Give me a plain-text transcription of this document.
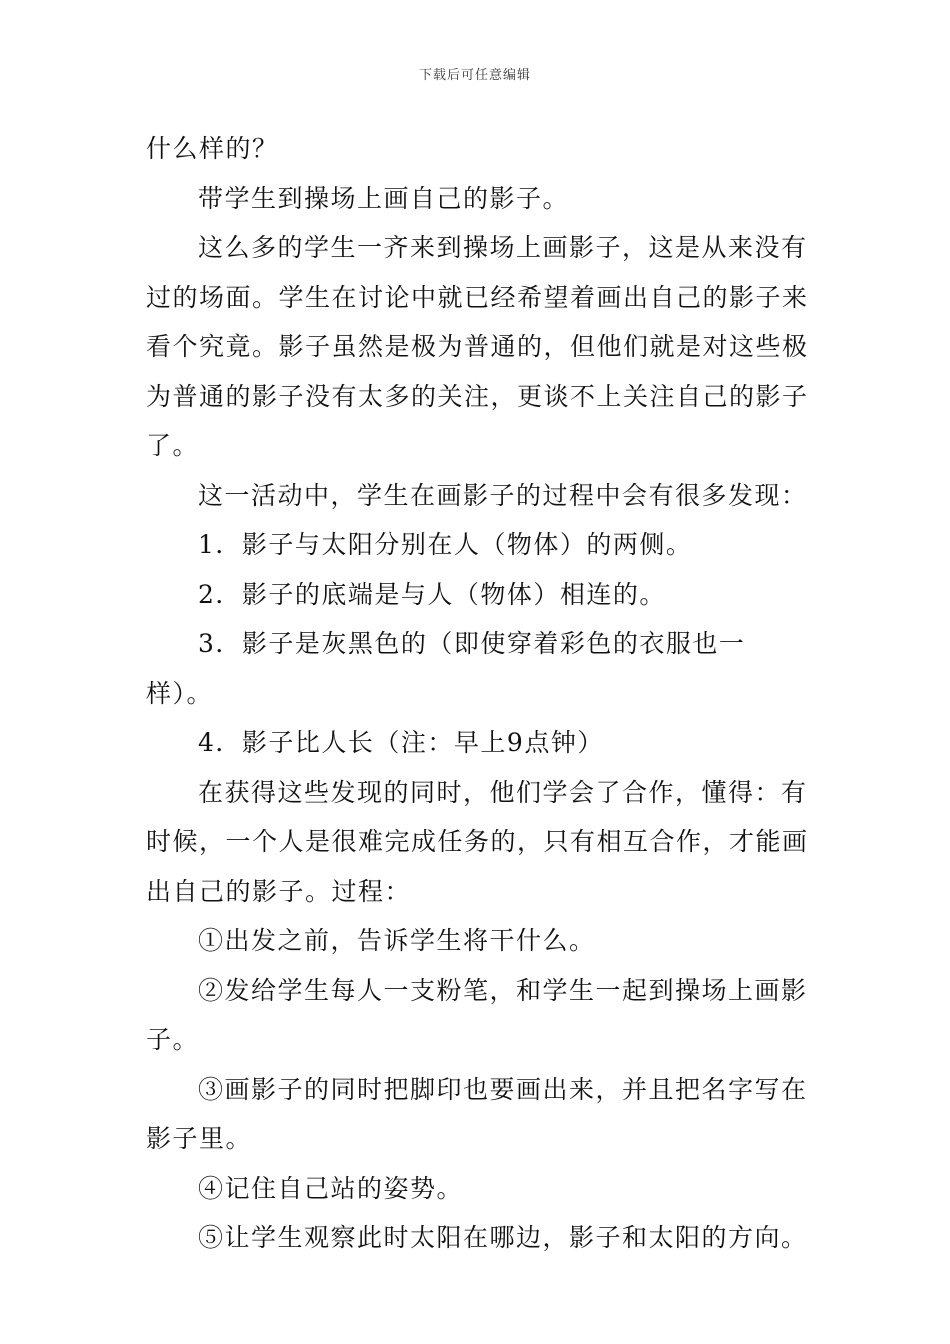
下载后可任意编辑

什么样的？

带学生到操场上画自己的影子。

这么多的学生一齐来到操场上画影子，这是从来没有过的场面。学生在讨论中就已经希望着画出自己的影子来看个究竟。影子虽然是极为普通的，但他们就是对这些极为普通的影子没有太多的关注，更谈不上关注自己的影子了。

这一活动中，学生在画影子的过程中会有很多发现：

1．影子与太阳分别在人（物体）的两侧。

2．影子的底端是与人（物体）相连的。

3．影子是灰黑色的（即使穿着彩色的衣服也一样）。

4．影子比人长（注：早上9点钟）

在获得这些发现的同时，他们学会了合作，懂得：有时候，一个人是很难完成任务的，只有相互合作，才能画出自己的影子。过程：

①出发之前，告诉学生将干什么。

②发给学生每人一支粉笔，和学生一起到操场上画影子。

③画影子的同时把脚印也要画出来，并且把名字写在影子里。

④记住自己站的姿势。

⑤让学生观察此时太阳在哪边，影子和太阳的方向。
